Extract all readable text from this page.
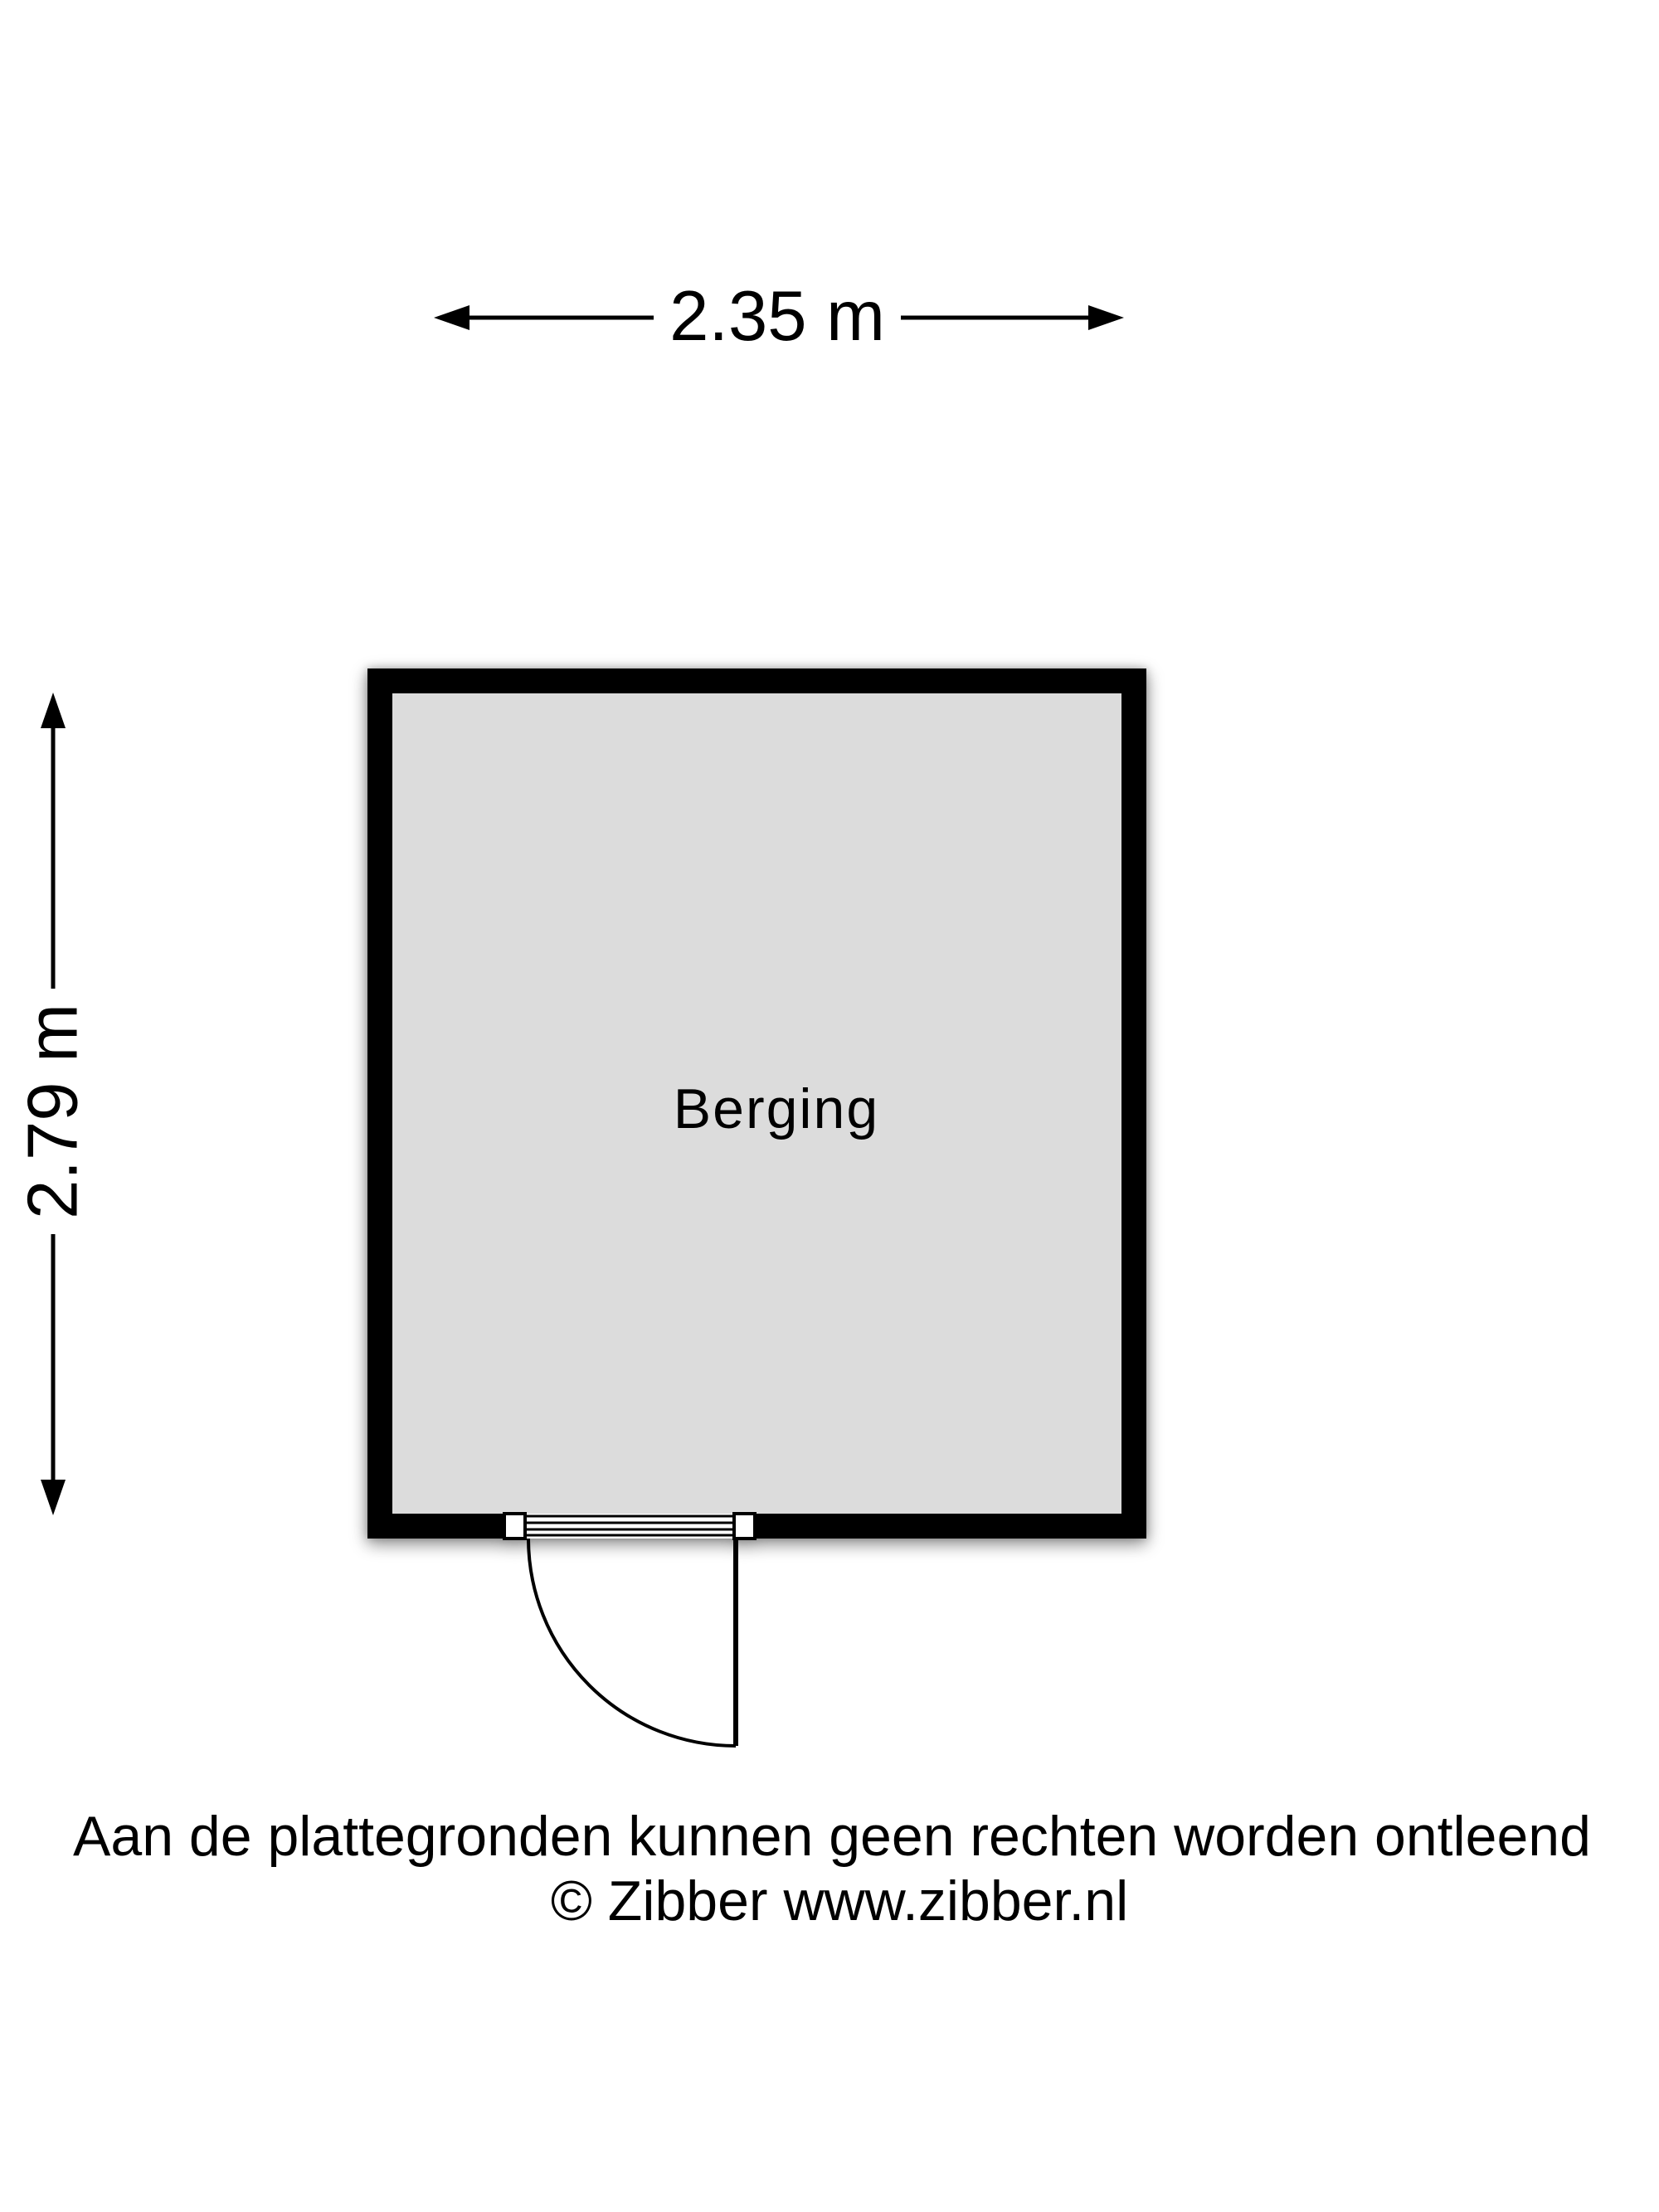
2.35 m
2.79 m	Berging
Aan de plattegronden kunnen geen rechten worden ontleend
© Zibber www.zibber.nl
